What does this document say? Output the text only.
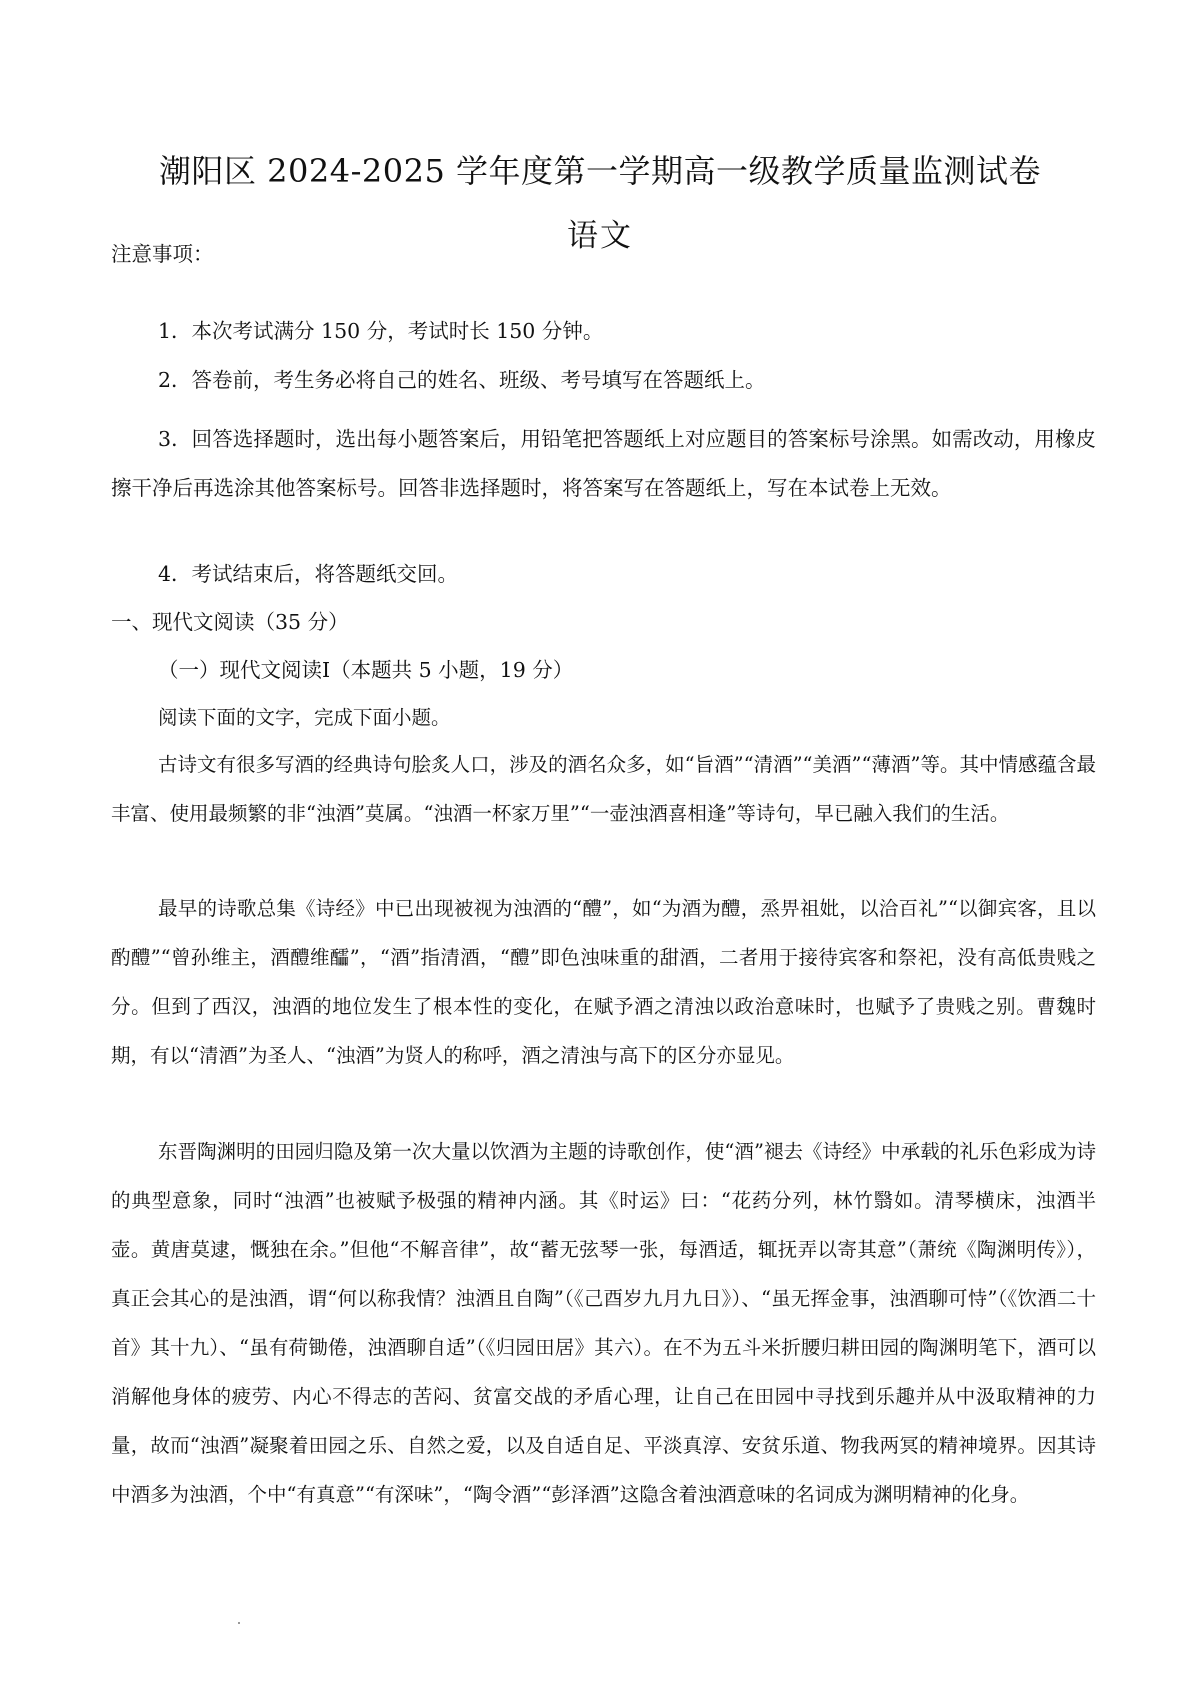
潮阳区 2024-2025 学年度第一学期高一级教学质量监测试卷
语文
注意事项：
1．本次考试满分 150 分，考试时长 150 分钟。
2．答卷前，考生务必将自己的姓名、班级、考号填写在答题纸上。
3．回答选择题时，选出每小题答案后，用铅笔把答题纸上对应题目的答案标号涂黑。如需改动，用橡皮擦干净后再选涂其他答案标号。回答非选择题时，将答案写在答题纸上，写在本试卷上无效。
4．考试结束后，将答题纸交回。
一、现代文阅读（35 分）
（一）现代文阅读Ⅰ（本题共 5 小题，19 分）
阅读下面的文字，完成下面小题。
古诗文有很多写酒的经典诗句脍炙人口，涉及的酒名众多，如“旨酒”“清酒”“美酒”“薄酒”等。其中情感蕴含最丰富、使用最频繁的非“浊酒”莫属。“浊酒一杯家万里”“一壶浊酒喜相逢”等诗句，早已融入我们的生活。
最早的诗歌总集《诗经》中已出现被视为浊酒的“醴”，如“为酒为醴，烝畀祖妣，以洽百礼”“以御宾客，且以酌醴”“曾孙维主，酒醴维醽”，“酒”指清酒，“醴”即色浊味重的甜酒，二者用于接待宾客和祭祀，没有高低贵贱之分。但到了西汉，浊酒的地位发生了根本性的变化，在赋予酒之清浊以政治意味时，也赋予了贵贱之别。曹魏时期，有以“清酒”为圣人、“浊酒”为贤人的称呼，酒之清浊与高下的区分亦显见。
东晋陶渊明的田园归隐及第一次大量以饮酒为主题的诗歌创作，使“酒”褪去《诗经》中承载的礼乐色彩成为诗的典型意象，同时“浊酒”也被赋予极强的精神内涵。其《时运》曰：“花药分列，林竹翳如。清琴横床，浊酒半壶。黄唐莫逮，慨独在余。”但他“不解音律”，故“蓄无弦琴一张，每酒适，辄抚弄以寄其意”（萧统《陶渊明传》），真正会其心的是浊酒，谓“何以称我情？浊酒且自陶”（《己酉岁九月九日》）、“虽无挥金事，浊酒聊可恃”（《饮酒二十首》其十九）、“虽有荷锄倦，浊酒聊自适”（《归园田居》其六）。在不为五斗米折腰归耕田园的陶渊明笔下，酒可以消解他身体的疲劳、内心不得志的苦闷、贫富交战的矛盾心理，让自己在田园中寻找到乐趣并从中汲取精神的力量，故而“浊酒”凝聚着田园之乐、自然之爱，以及自适自足、平淡真淳、安贫乐道、物我两冥的精神境界。因其诗中酒多为浊酒，个中“有真意”“有深味”，“陶令酒”“彭泽酒”这隐含着浊酒意味的名词成为渊明精神的化身。
